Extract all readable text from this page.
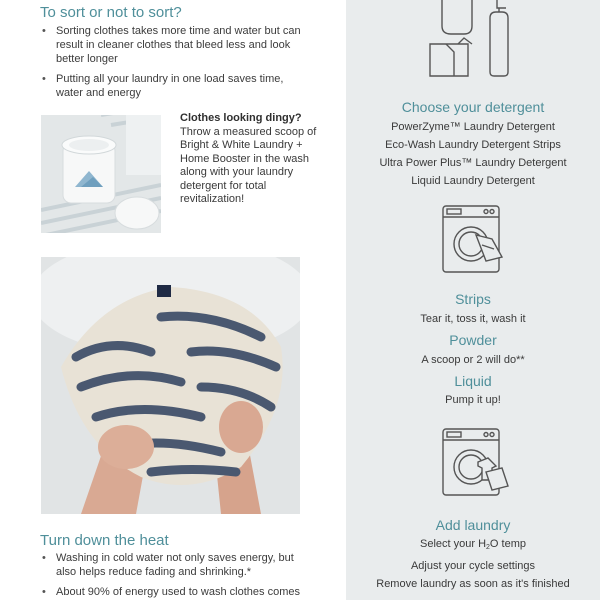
To sort or not to sort?
• Sorting clothes takes more time and water but can result in cleaner clothes that bleed less and look better longer
• Putting all your laundry in one load saves time, water and energy
Clothes looking dingy?
Throw a measured scoop of Bright & White Laundry + Home Booster in the wash along with your laundry detergent for total revitalization!
Turn down the heat
• Washing in cold water not only saves energy, but also helps reduce fading and shrinking.*
• About 90% of energy used to wash clothes comes
Choose your detergent
PowerZyme™ Laundry Detergent
Eco-Wash Laundry Detergent Strips
Ultra Power Plus™ Laundry Detergent
Liquid Laundry Detergent
Strips
Tear it, toss it, wash it
Powder
A scoop or 2 will do**
Liquid
Pump it up!
Add laundry
Select your $H_2O$ temp
Adjust your cycle settings
Remove laundry as soon as it's finished
